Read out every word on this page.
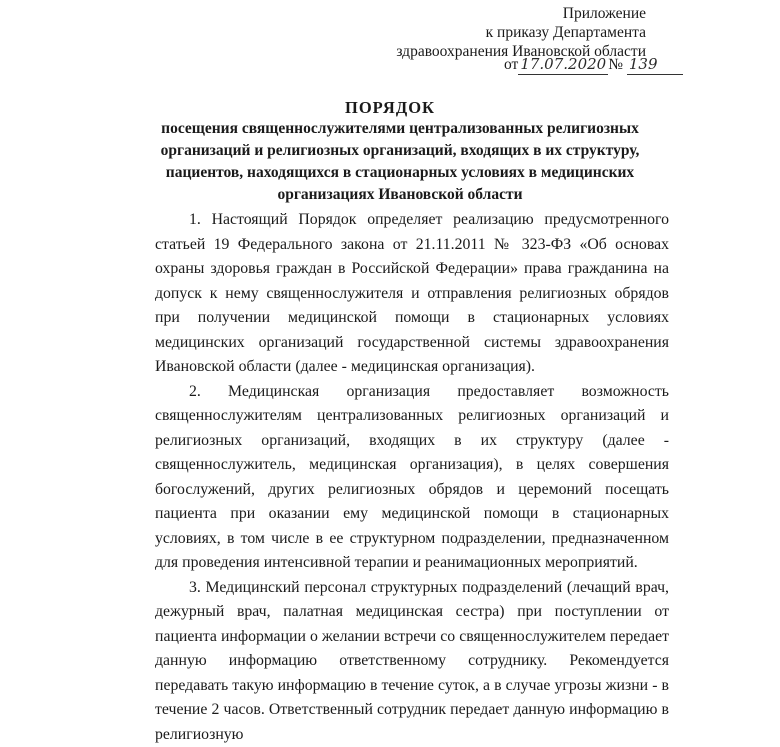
Приложение
к приказу Департамента
здравоохранения Ивановской области
от 17.07.2020 № 139
ПОРЯДОК
посещения священнослужителями централизованных религиозных организаций и религиозных организаций, входящих в их структуру, пациентов, находящихся в стационарных условиях в медицинских организациях Ивановской области

1. Настоящий Порядок определяет реализацию предусмотренного статьей 19 Федерального закона от 21.11.2011 № 323-ФЗ «Об основах охраны здоровья граждан в Российской Федерации» права гражданина на допуск к нему священнослужителя и отправления религиозных обрядов при получении медицинской помощи в стационарных условиях медицинских организаций государственной системы здравоохранения Ивановской области (далее - медицинская организация).

2. Медицинская организация предоставляет возможность священнослужителям централизованных религиозных организаций и религиозных организаций, входящих в их структуру (далее - священнослужитель, медицинская организация), в целях совершения богослужений, других религиозных обрядов и церемоний посещать пациента при оказании ему медицинской помощи в стационарных условиях, в том числе в ее структурном подразделении, предназначенном для проведения интенсивной терапии и реанимационных мероприятий.

3. Медицинский персонал структурных подразделений (лечащий врач, дежурный врач, палатная медицинская сестра) при поступлении от пациента информации о желании встречи со священнослужителем передает данную информацию ответственному сотруднику. Рекомендуется передавать такую информацию в течение суток, а в случае угрозы жизни - в течение 2 часов. Ответственный сотрудник передает данную информацию в религиозную
